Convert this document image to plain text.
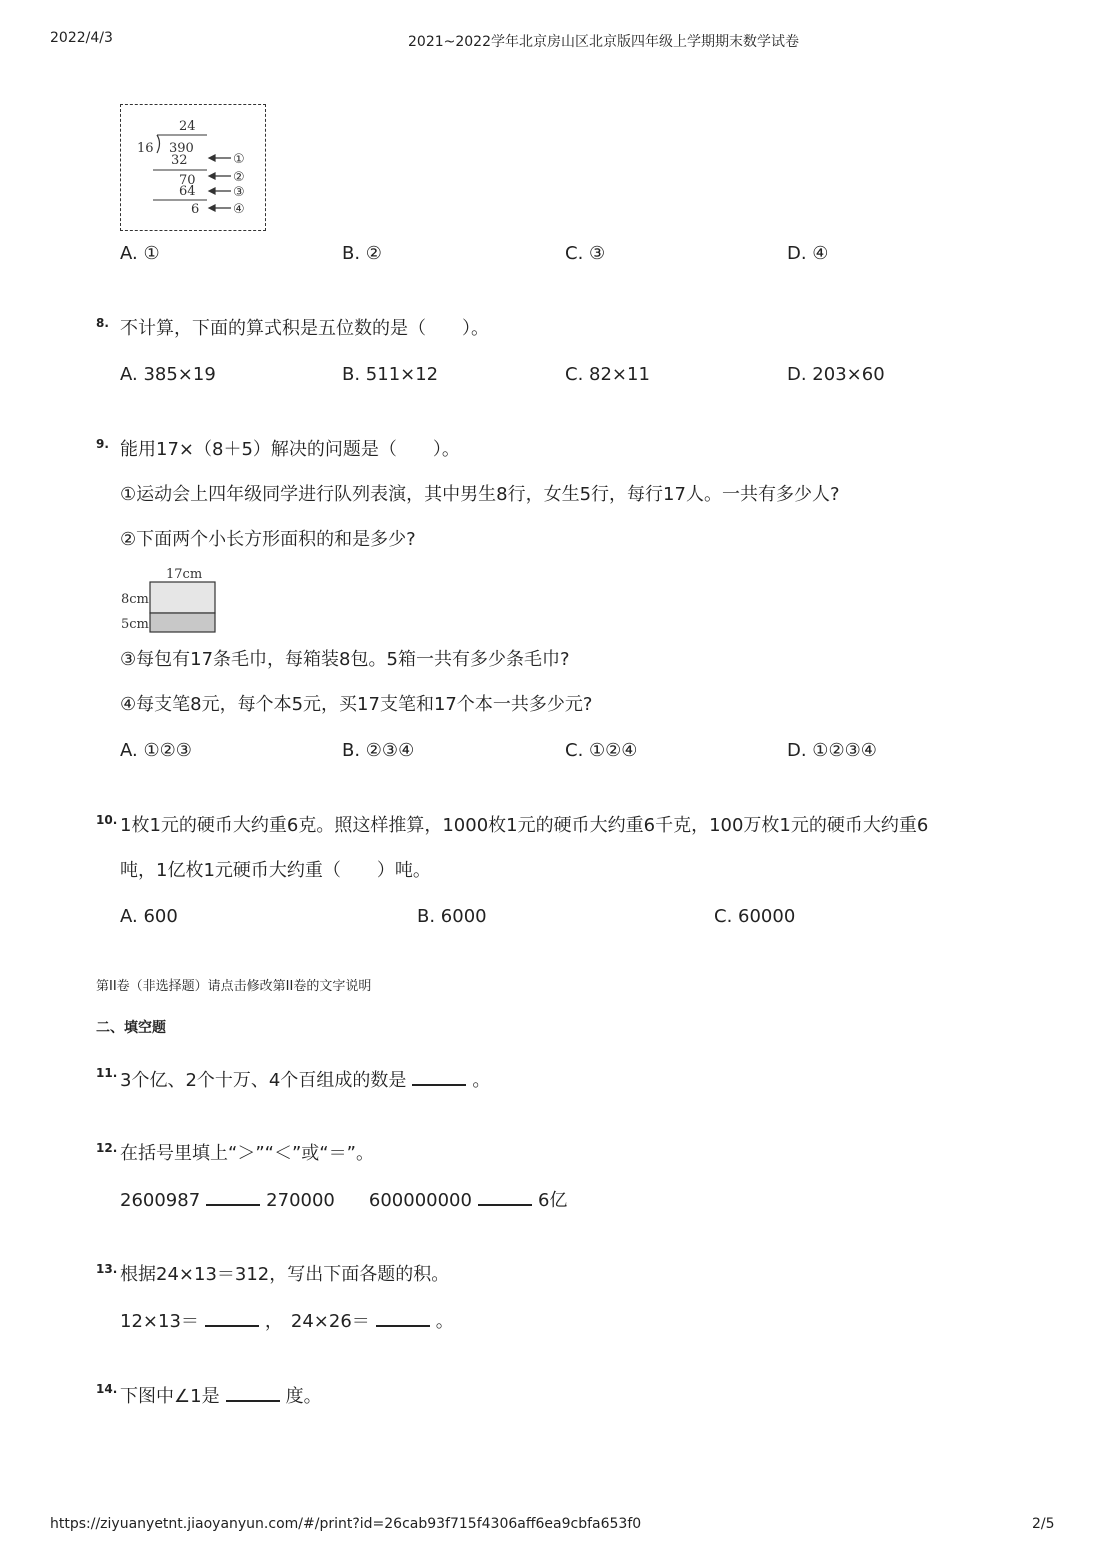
2022/4/3	2021~2022学年北京房山区北京版四年级上学期期末数学试卷
24
16 390
32
70
64
6
①
②
③
④
A. ①	B. ②	C. ③	D. ④
8. 不计算，下面的算式积是五位数的是（　　）。
A. 385×19	B. 511×12	C. 82×11	D. 203×60
9. 能用17×（8＋5）解决的问题是（　　）。
①运动会上四年级同学进行队列表演，其中男生8行，女生5行，每行17人。一共有多少人?
②下面两个小长方形面积的和是多少?
17cm
8cm
5cm
③每包有17条毛巾，每箱装8包。5箱一共有多少条毛巾?
④每支笔8元，每个本5元，买17支笔和17个本一共多少元?
A. ①②③	B. ②③④	C. ①②④	D. ①②③④
10. 1枚1元的硬币大约重6克。照这样推算，1000枚1元的硬币大约重6千克，100万枚1元的硬币大约重6
吨，1亿枚1元硬币大约重（　　）吨。
A. 600	B. 6000	C. 60000
第II卷（非选择题）请点击修改第II卷的文字说明
二、填空题
11. 3个亿、2个十万、4个百组成的数是	。
12. 在括号里填上“＞”“＜”或“＝”。
2600987	270000 600000000	6亿
13. 根据24×13＝312，写出下面各题的积。
12×13＝	， 24×26＝	。
14. 下图中∠1是	度。
https://ziyuanyetnt.jiaoyanyun.com/#/print?id=26cab93f715f4306aff6ea9cbfa653f0	2/5
